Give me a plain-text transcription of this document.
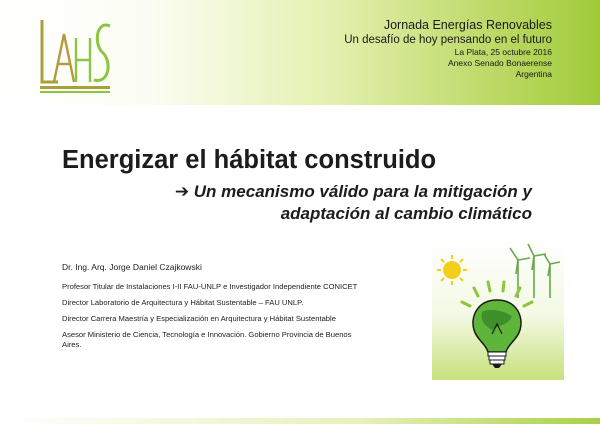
Jornada Energías Renovables
Un desafío de hoy pensando en el futuro
La Plata, 25 octubre 2016
Anexo Senado Bonaerense
Argentina
Energizar el hábitat construido
➔ Un mecanismo válido para la mitigación y
adaptación al cambio climático
Dr. Ing. Arq. Jorge Daniel Czajkowski
Profesor Titular de Instalaciones I-II FAU-UNLP e Investigador Independiente CONICET
Director Laboratorio de Arquitectura y Hábitat Sustentable – FAU UNLP.
Director Carrera Maestría y Especialización en Arquitectura y Hábitat Sustentable
Asesor Ministerio de Ciencia, Tecnología e Innovación. Gobierno Provincia de Buenos Aires.
